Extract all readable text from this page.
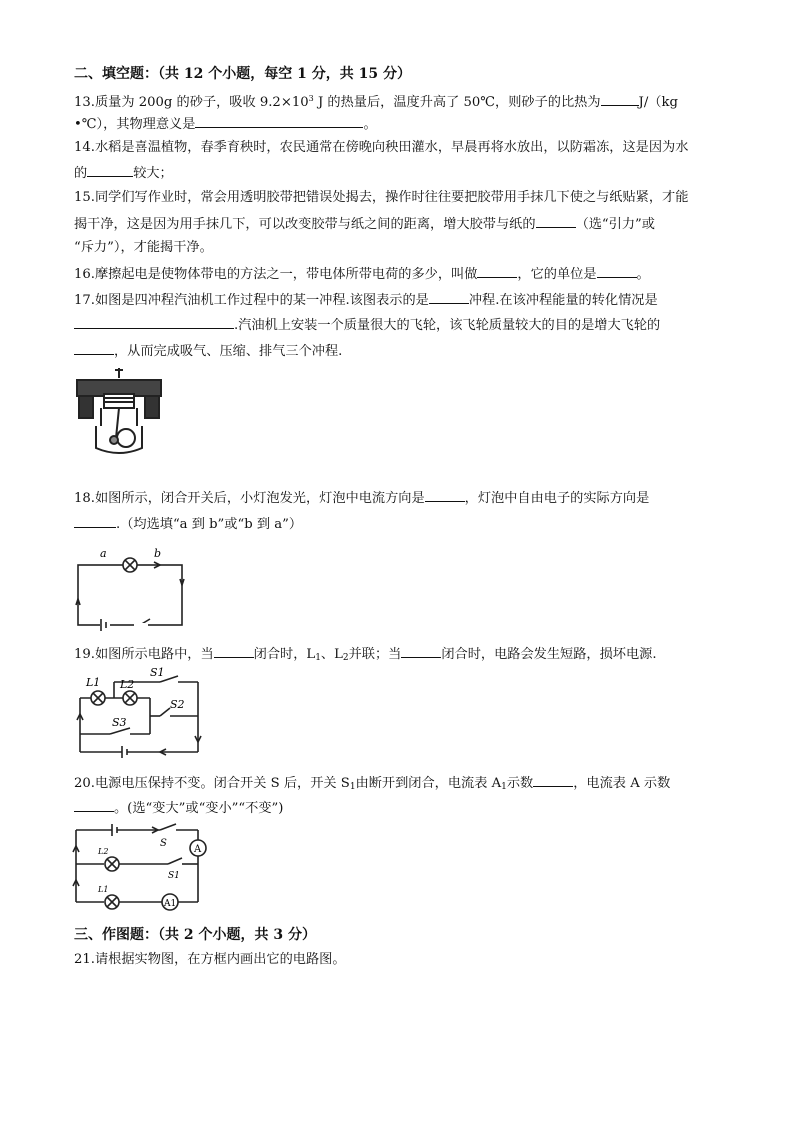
二、填空题：（共 12 个小题，每空 1 分，共 15 分）
13.质量为 200g 的砂子，吸收 $9.2\times 10^3$ J 的热量后，温度升高了 50℃，则砂子的比热为	J/（kg
•℃），其物理意义是	。
14.水稻是喜温植物，春季育秧时，农民通常在傍晚向秧田灌水，早晨再将水放出，以防霜冻，这是因为水
的	较大；
15.同学们写作业时，常会用透明胶带把错误处揭去，操作时往往要把胶带用手抹几下使之与纸贴紧，才能
揭干净，这是因为用手抹几下，可以改变胶带与纸之间的距离，增大胶带与纸的	（选“引力”或
“斥力”），才能揭干净。
16.摩擦起电是使物体带电的方法之一，带电体所带电荷的多少，叫做	，它的单位是	。
17.如图是四冲程汽油机工作过程中的某一冲程.该图表示的是	冲程.在该冲程能量的转化情况是
.汽油机上安装一个质量很大的飞轮，该飞轮质量较大的目的是增大飞轮的
，从而完成吸气、压缩、排气三个冲程.
18.如图所示，闭合开关后，小灯泡发光，灯泡中电流方向是	，灯泡中自由电子的实际方向是
.（均选填“a 到 b”或“b 到 a”）
a	b
19.如图所示电路中，当	闭合时，$L_1$、$L_2$并联；当	闭合时，电路会发生短路，损坏电源.
L1 L2
S1
S2
S3
20.电源电压保持不变。闭合开关 S 后，开关 $S_1$由断开到闭合，电流表 $A_1$示数	，电流表 A 示数
。(选“变大”或“变小”“不变”)
A
A1
S
S1
L2
L1
三、作图题：（共 2 个小题，共 3 分）
21.请根据实物图，在方框内画出它的电路图。
